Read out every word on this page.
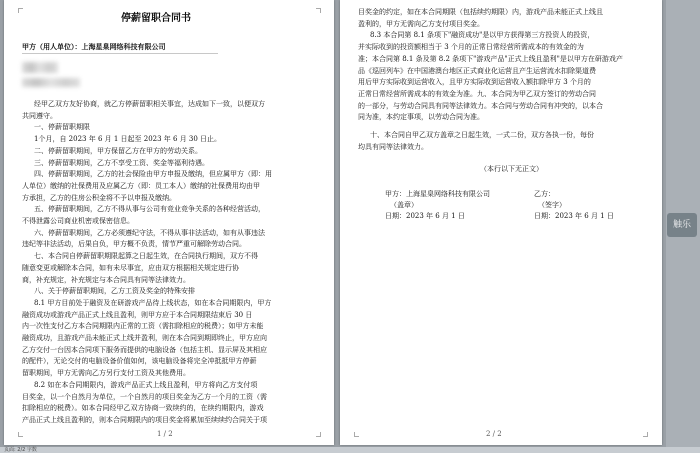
停薪留职合同书
甲方（用人单位）：上海星臬网络科技有限公司
经甲乙双方友好协商，就乙方停薪留职相关事宜，达成如下一致，以便双方
共同遵守。
一、停薪留职期限
1个月，自 2023 年 6 月 1 日起至 2023 年 6 月 30 日止。
二、停薪留职期间，甲方保留乙方在甲方的劳动关系。
三、停薪留职期间，乙方不享受工资、奖金等福利待遇。
四、停薪留职期间，乙方的社会保险由甲方申报及缴纳，但应属甲方（即：用
人单位）缴纳的社保费用及应属乙方（即：员工本人）缴纳的社保费用均由甲
方承担，乙方的住房公积金将不予以申报及缴纳。
五、停薪留职期间，乙方不得从事与公司有竞业竞争关系的各种经营活动，
不得泄露公司商业机密或保密信息。
六、停薪留职期间，乙方必须遵纪守法，不得从事非法活动，如有从事违法
违纪等非法活动，后果自负，甲方概不负责，情节严重可解除劳动合同。
七、本合同自停薪留职期限起算之日起生效，在合同执行期间，双方不得
随意变更或解除本合同，如有未尽事宜，应由双方根据相关规定进行协
商，补充规定，补充规定与本合同具有同等法律效力。
八、关于停薪留职期间，乙方工资及奖金的特殊安排
8.1 甲方目前处于融资及在研游戏产品待上线状态，如在本合同期限内，甲方
融资成功或游戏产品正式上线且盈利，则甲方应于本合同期限结束后 30 日
内一次性支付乙方本合同期限内正常的工资（需扣除相应的税费）；如甲方未能
融资成功，且游戏产品未能正式上线并盈利，则在本合同到期即终止，甲方应向
乙方交付一台因本合同项下服务而提供的电脑设备（包括主机、显示屏及其相应
的配件），无论交付的电脑设备价值如何，该电脑设备将完全冲抵抵甲方停薪
留职期间，甲方无需向乙方另行支付工资及其他费用。
8.2 如在本合同期限内，游戏产品正式上线且盈利，甲方将向乙方支付项
目奖金，以一个自然月为单位，一个自然月的项目奖金为乙方一个月的工资（需
扣除相应的税费）。如本合同经甲乙双方协商一致续约的，在续约期限内，游戏
产品正式上线且盈利的，则本合同期限内的项目奖金将累加至续续约合同关于项
1 / 2
目奖金的约定，如在本合同期限（包括续约期限）内，游戏产品未能正式上线且
盈利的，甲方无需向乙方支付项目奖金。
8.3 本合同第 8.1 条项下"融资成功"是以甲方获得第三方投资人的投资，
并实际收到的投资额相当于 3 个月的正常日常经营所需成本的有效金的为
准；本合同第 8.1 条及第 8.2 条项下"游戏产品"正式上线且盈利"是以甲方在研游戏产
品《巡回列车》在中国港澳台地区正式商业化运营且产生运营流水扣除渠道费
用后甲方实际收到运营收入，且甲方实际收到运营收入额扣除甲方 3 个月的
正常日常经营所需成本的有效金为准。九、本合同为甲乙双方签订的劳动合同
的一部分，与劳动合同具有同等法律效力。本合同与劳动合同有冲突的，以本合
同为准，本约定事项，以劳动合同为准。
十、本合同自甲乙双方盖章之日起生效，一式二份，双方各执一份，每份
均具有同等法律效力。
（本行以下无正文）
甲方：上海星臬网络科技有限公司	乙方：
（盖章）	（签字）
日期：2023 年 6 月 1 日	日期：2023 年 6 月 1 日
2 / 2
触乐
页面: 2/2 字数
